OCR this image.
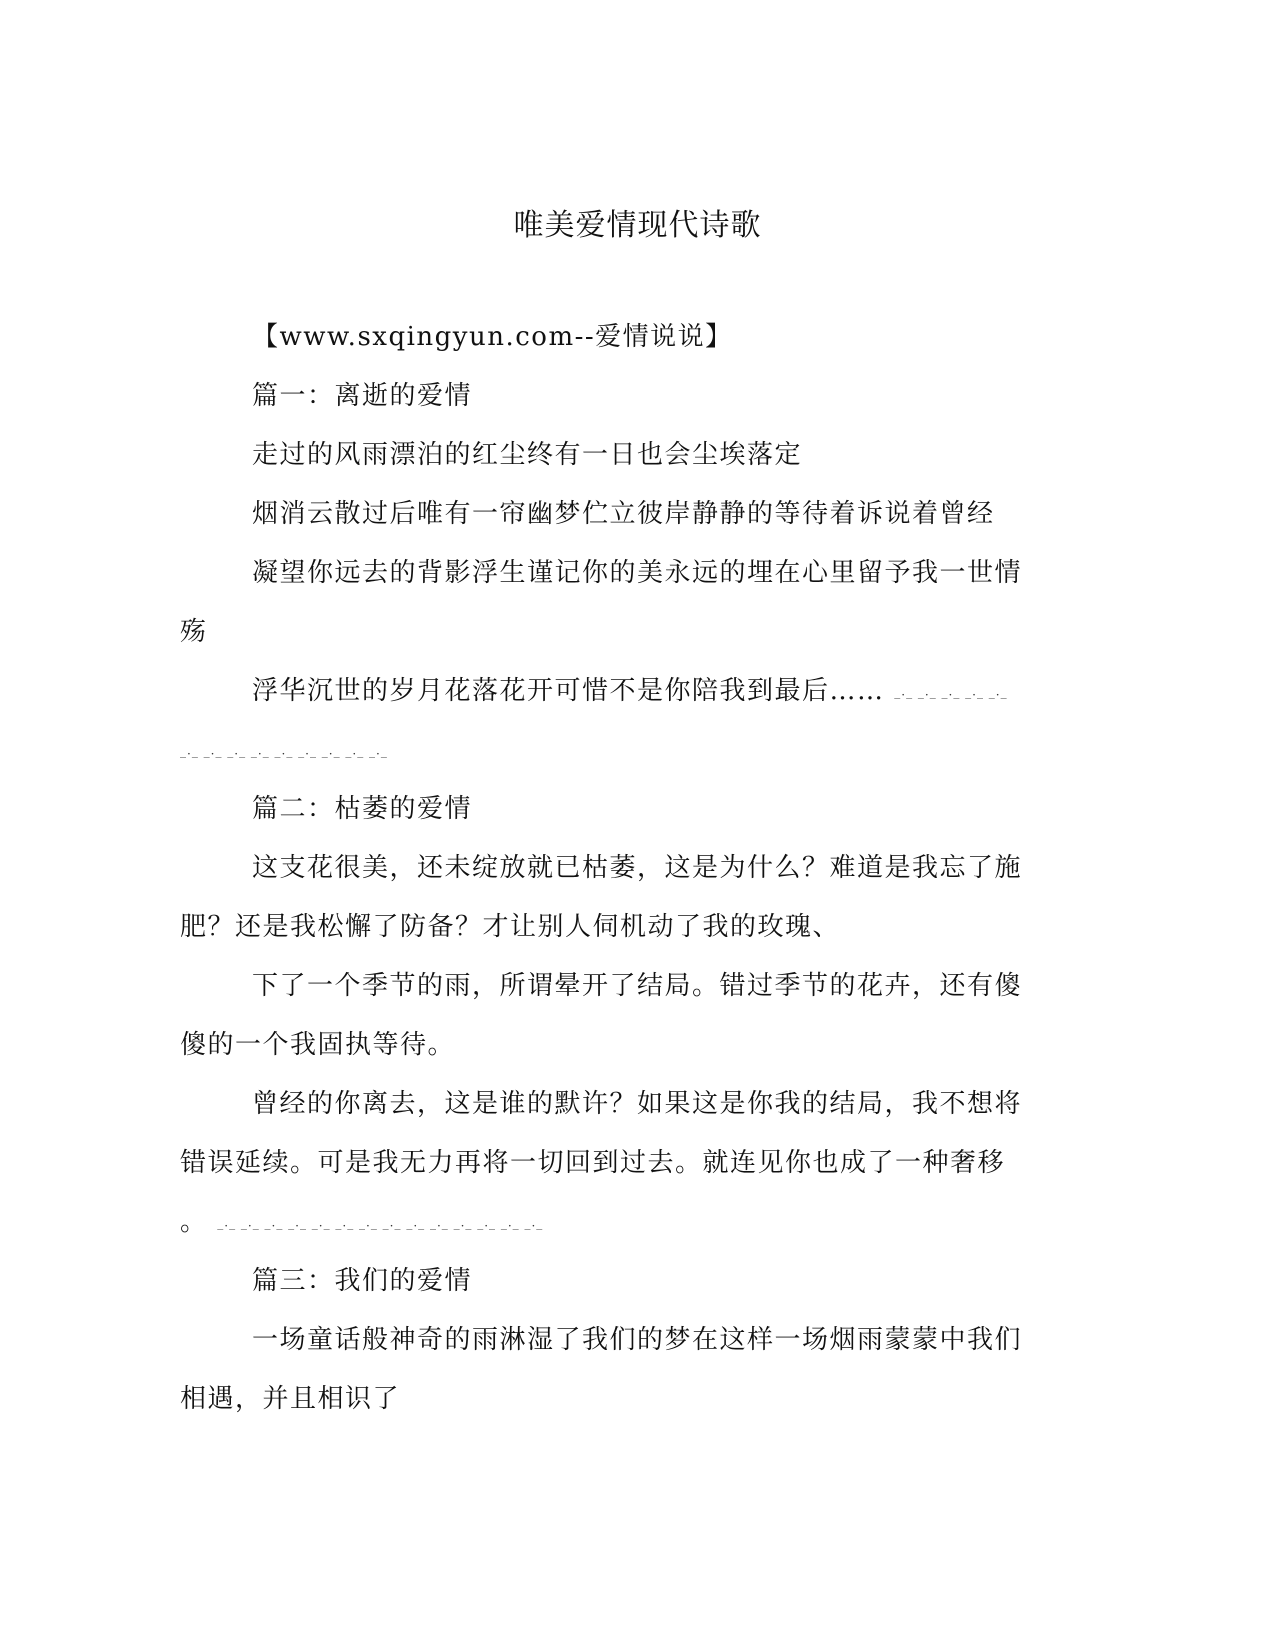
唯美爱情现代诗歌
【www.sxqingyun.com--爱情说说】
篇一：离逝的爱情
走过的风雨漂泊的红尘终有一日也会尘埃落定
烟消云散过后唯有一帘幽梦伫立彼岸静静的等待着诉说着曾经
凝望你远去的背影浮生谨记你的美永远的埋在心里留予我一世情
殇
浮华沉世的岁月花落花开可惜不是你陪我到最后…… _._ _._ _._ _._ _._
_._ _._ _._ _._ _._ _._ _._ _._ _._
篇二：枯萎的爱情
这支花很美，还未绽放就已枯萎，这是为什么？难道是我忘了施
肥？还是我松懈了防备？才让别人伺机动了我的玫瑰、
下了一个季节的雨，所谓晕开了结局。错过季节的花卉，还有傻
傻的一个我固执等待。
曾经的你离去，这是谁的默许？如果这是你我的结局，我不想将
错误延续。可是我无力再将一切回到过去。就连见你也成了一种奢移
。 _._ _._ _._ _._ _._ _._ _._ _._ _._ _._ _._ _._ _._ _._
篇三：我们的爱情
一场童话般神奇的雨淋湿了我们的梦在这样一场烟雨蒙蒙中我们
相遇，并且相识了
